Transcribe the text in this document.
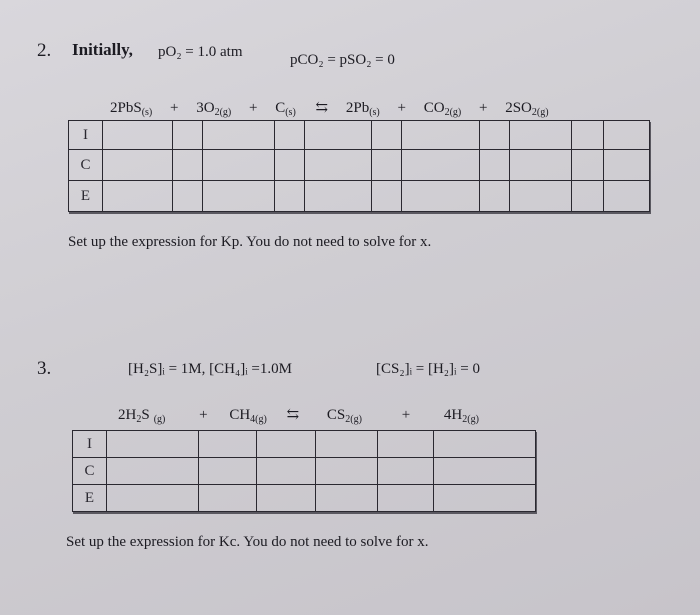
2. Initially, pO₂ = 1.0 atm	pCO₂ = pSO₂ = 0
$2PbS_{(s)} + 3O_{2(g)} + C_{(s)}$ ⇆ $2Pb_{(s)} + CO_{2(g)} + 2SO_{2(g)}$
I											
C											
E											
Set up the expression for Kp. You do not need to solve for x.
3.	[H₂S]ᵢ = 1M, [CH₄]ᵢ =1.0M	[CS₂]ᵢ = [H₂]ᵢ = 0
$2H_2S$ $_{(g)} + CH_{4(g)}$ ⇆ $CS_{2(g)}$	+ $4H_{2(g)}$
I						
C						
E						
Set up the expression for Kc. You do not need to solve for x.
